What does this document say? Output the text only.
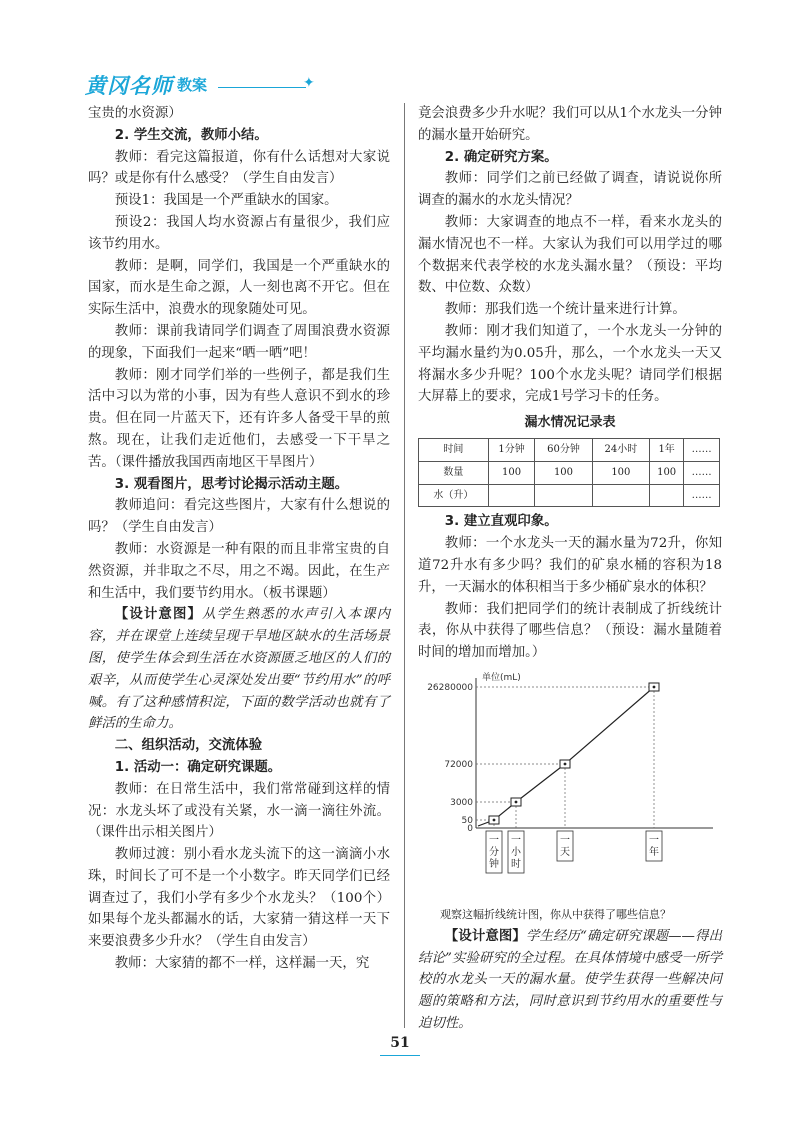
黄冈名师 教案	✦

宝贵的水资源）

2. 学生交流，教师小结。

教师：看完这篇报道，你有什么话想对大家说吗？或是你有什么感受？（学生自由发言）

预设1：我国是一个严重缺水的国家。

预设2：我国人均水资源占有量很少，我们应该节约用水。

教师：是啊，同学们，我国是一个严重缺水的国家，而水是生命之源，人一刻也离不开它。但在实际生活中，浪费水的现象随处可见。

教师：课前我请同学们调查了周围浪费水资源的现象，下面我们一起来“晒一晒”吧！

教师：刚才同学们举的一些例子，都是我们生活中习以为常的小事，因为有些人意识不到水的珍贵。但在同一片蓝天下，还有许多人备受干旱的煎熬。现在，让我们走近他们，去感受一下干旱之苦。（课件播放我国西南地区干旱图片）

3. 观看图片，思考讨论揭示活动主题。

教师追问：看完这些图片，大家有什么想说的吗？（学生自由发言）

教师：水资源是一种有限的而且非常宝贵的自然资源，并非取之不尽，用之不竭。因此，在生产和生活中，我们要节约用水。（板书课题）

【设计意图】从学生熟悉的水声引入本课内容，并在课堂上连续呈现干旱地区缺水的生活场景图，使学生体会到生活在水资源匮乏地区的人们的艰辛，从而使学生心灵深处发出要“节约用水”的呼喊。有了这种感情积淀，下面的数学活动也就有了鲜活的生命力。

二、组织活动，交流体验
1. 活动一：确定研究课题。

教师：在日常生活中，我们常常碰到这样的情况：水龙头坏了或没有关紧，水一滴一滴往外流。（课件出示相关图片）

教师过渡：别小看水龙头流下的这一滴滴小水珠，时间长了可不是一个小数字。昨天同学们已经调查过了，我们小学有多少个水龙头？（100个）如果每个龙头都漏水的话，大家猜一猜这样一天下来要浪费多少升水？（学生自由发言）

教师：大家猜的都不一样，这样漏一天，究

竟会浪费多少升水呢？我们可以从1个水龙头一分钟的漏水量开始研究。

2. 确定研究方案。

教师：同学们之前已经做了调查，请说说你所调查的漏水的水龙头情况？

教师：大家调查的地点不一样，看来水龙头的漏水情况也不一样。大家认为我们可以用学过的哪个数据来代表学校的水龙头漏水量？（预设：平均数、中位数、众数）

教师：那我们选一个统计量来进行计算。

教师：刚才我们知道了，一个水龙头一分钟的平均漏水量约为0.05升，那么，一个水龙头一天又将漏水多少升呢？100个水龙头呢？请同学们根据大屏幕上的要求，完成1号学习卡的任务。

漏水情况记录表
时间	1分钟	60分钟	24小时	1年	……
数量	100	100	100	100	……
水（升）					……
3. 建立直观印象。

教师：一个水龙头一天的漏水量为72升，你知道72升水有多少吗？我们的矿泉水桶的容积为18升，一天漏水的体积相当于多少桶矿泉水的体积？

教师：我们把同学们的统计表制成了折线统计表，你从中获得了哪些信息？（预设：漏水量随着时间的增加而增加。）

单位(mL)
0
50
3000
72000
26280000
一
分
钟
一
小
时
一
天
一
年

观察这幅折线统计图，你从中获得了哪些信息？

【设计意图】学生经历“确定研究课题——得出结论”实验研究的全过程。在具体情境中感受一所学校的水龙头一天的漏水量。使学生获得一些解决问题的策略和方法，同时意识到节约用水的重要性与迫切性。

51
